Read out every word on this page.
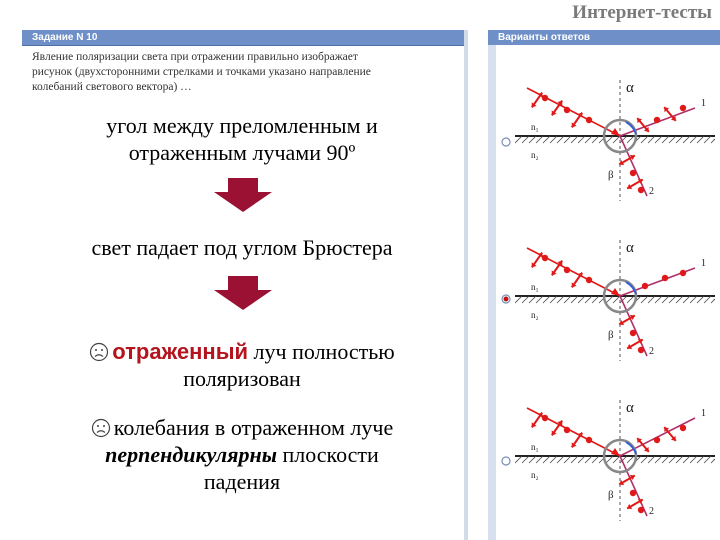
Интернет-тесты
Задание N 10
Явление поляризации света при отражении правильно изображает
рисунок (двухсторонними стрелками и точками указано направление
колебаний светового вектора) …
угол между преломленным и
отраженным лучами 90º
свет падает под углом Брюстера
отраженный луч полностью
поляризован
колебания в отраженном луче
перпендикулярны плоскости
падения
Варианты ответов
α
β
n₁
n₂
1
2
α
β
n₁
n₂
1
2
α
β
n₁
n₂
1
2
